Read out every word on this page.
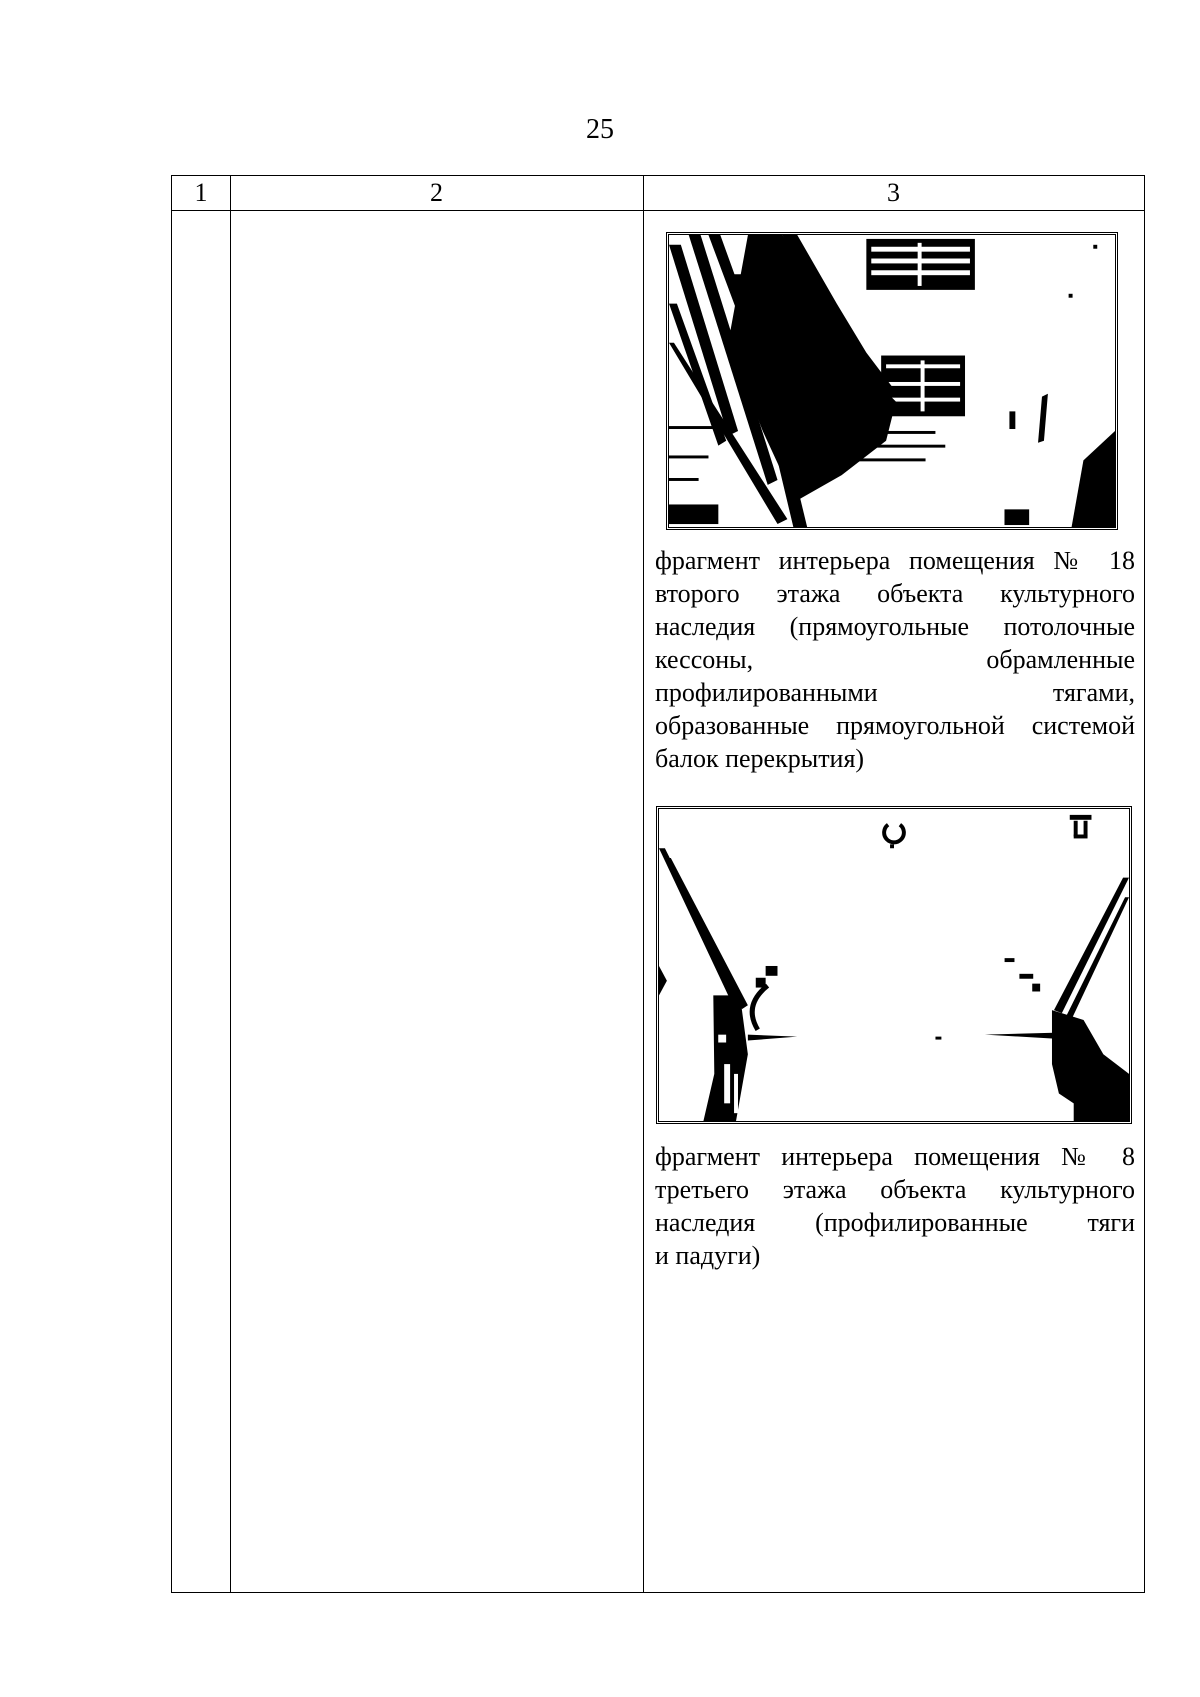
25
1	2	3
фрагмент интерьера помещения № 18
второго этажа объекта культурного
наследия (прямоугольные потолочные
кессоны, обрамленные
профилированными тягами,
образованные прямоугольной системой
балок перекрытия)
фрагмент интерьера помещения № 8
третьего этажа объекта культурного
наследия (профилированные тяги
и падуги)
